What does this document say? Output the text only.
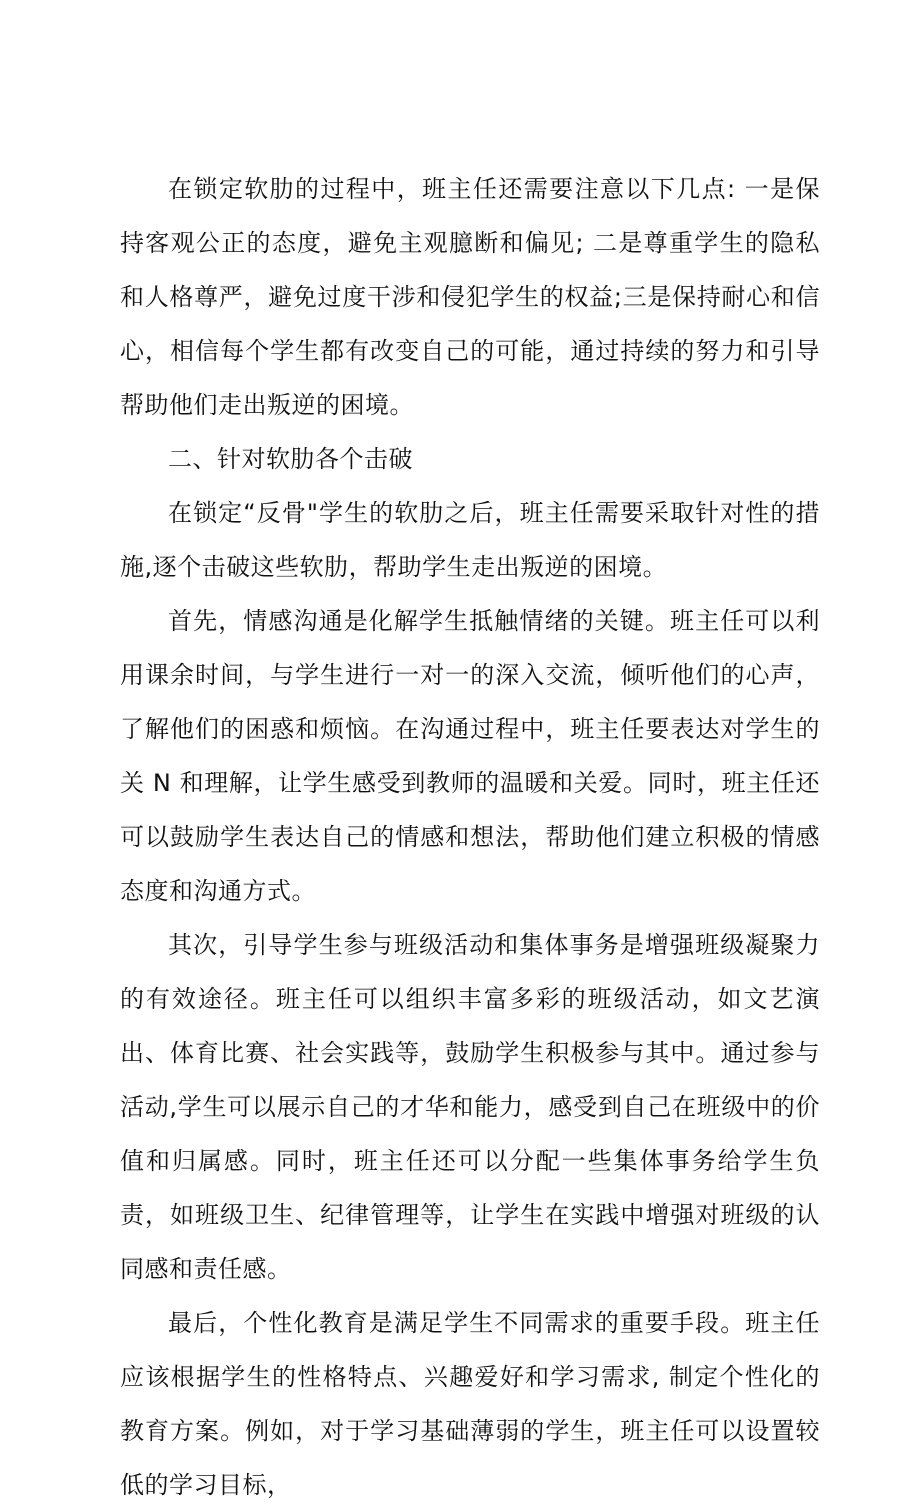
在锁定软肋的过程中，班主任还需要注意以下几点: 一是保持客观公正的态度，避免主观臆断和偏见; 二是尊重学生的隐私和人格尊严，避免过度干涉和侵犯学生的权益;三是保持耐心和信心，相信每个学生都有改变自己的可能，通过持续的努力和引导帮助他们走出叛逆的困境。

二、针对软肋各个击破

在锁定“反骨"学生的软肋之后，班主任需要采取针对性的措施,逐个击破这些软肋，帮助学生走出叛逆的困境。

首先，情感沟通是化解学生抵触情绪的关键。班主任可以利用课余时间，与学生进行一对一的深入交流，倾听他们的心声，了解他们的困惑和烦恼。在沟通过程中，班主任要表达对学生的关 N 和理解，让学生感受到教师的温暖和关爱。同时，班主任还可以鼓励学生表达自己的情感和想法，帮助他们建立积极的情感态度和沟通方式。

其次，引导学生参与班级活动和集体事务是增强班级凝聚力的有效途径。班主任可以组织丰富多彩的班级活动，如文艺演出、体育比赛、社会实践等，鼓励学生积极参与其中。通过参与活动,学生可以展示自己的才华和能力，感受到自己在班级中的价值和归属感。同时，班主任还可以分配一些集体事务给学生负责，如班级卫生、纪律管理等，让学生在实践中增强对班级的认同感和责任感。

最后，个性化教育是满足学生不同需求的重要手段。班主任应该根据学生的性格特点、兴趣爱好和学习需求, 制定个性化的教育方案。例如，对于学习基础薄弱的学生，班主任可以设置较低的学习目标，
